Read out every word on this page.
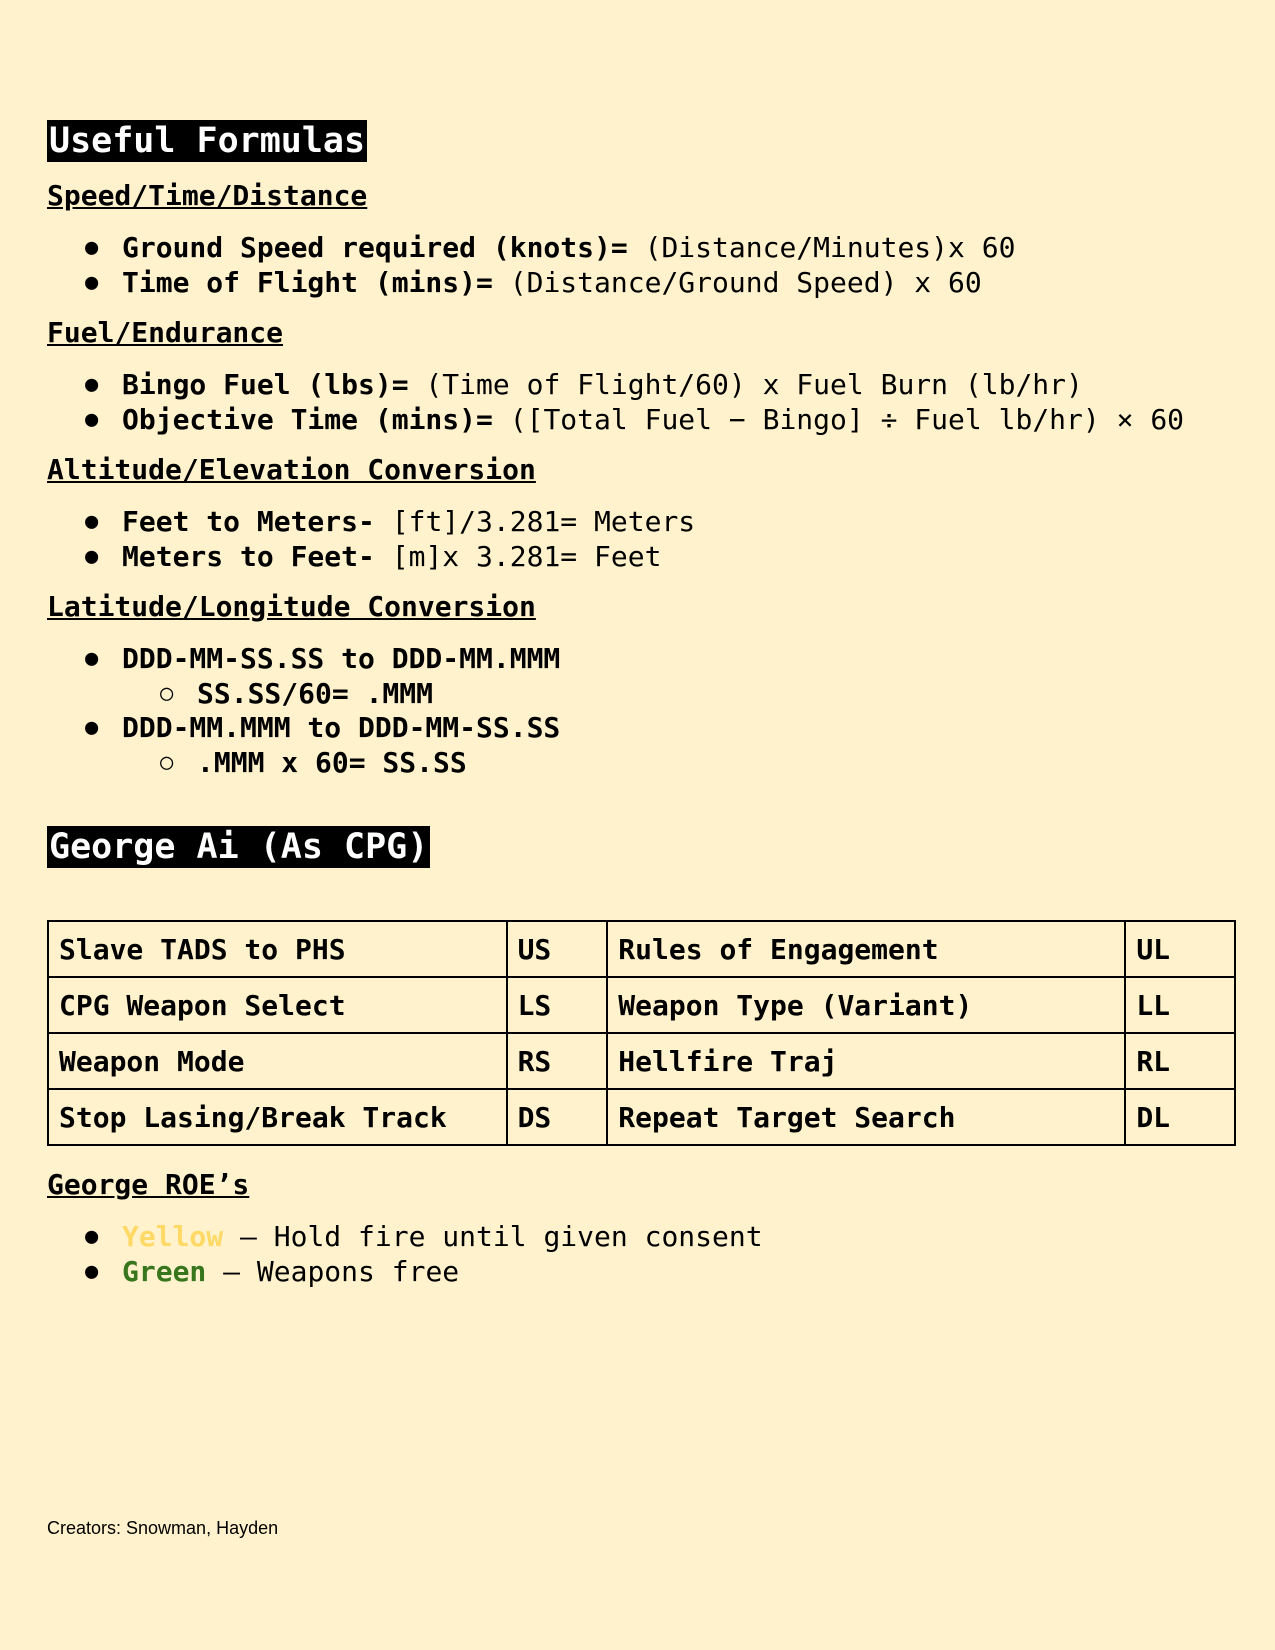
Useful Formulas
Speed/Time/Distance
● Ground Speed required (knots)= (Distance/Minutes)x 60
● Time of Flight (mins)= (Distance/Ground Speed) x 60
Fuel/Endurance
● Bingo Fuel (lbs)= (Time of Flight/60) x Fuel Burn (lb/hr)
● Objective Time (mins)= ([Total Fuel − Bingo] ÷ Fuel lb/hr) × 60
Altitude/Elevation Conversion
● Feet to Meters- [ft]/3.281= Meters
● Meters to Feet- [m]x 3.281= Feet
Latitude/Longitude Conversion
● DDD-MM-SS.SS to DDD-MM.MMM
○ SS.SS/60= .MMM
● DDD-MM.MMM to DDD-MM-SS.SS
○ .MMM x 60= SS.SS
George Ai (As CPG)
Slave TADS to PHS	US	Rules of Engagement	UL
CPG Weapon Select	LS	Weapon Type (Variant)	LL
Weapon Mode	RS	Hellfire Traj	RL
Stop Lasing/Break Track	DS	Repeat Target Search	DL
George ROE’s
● Yellow – Hold fire until given consent
● Green – Weapons free
Creators: Snowman, Hayden
